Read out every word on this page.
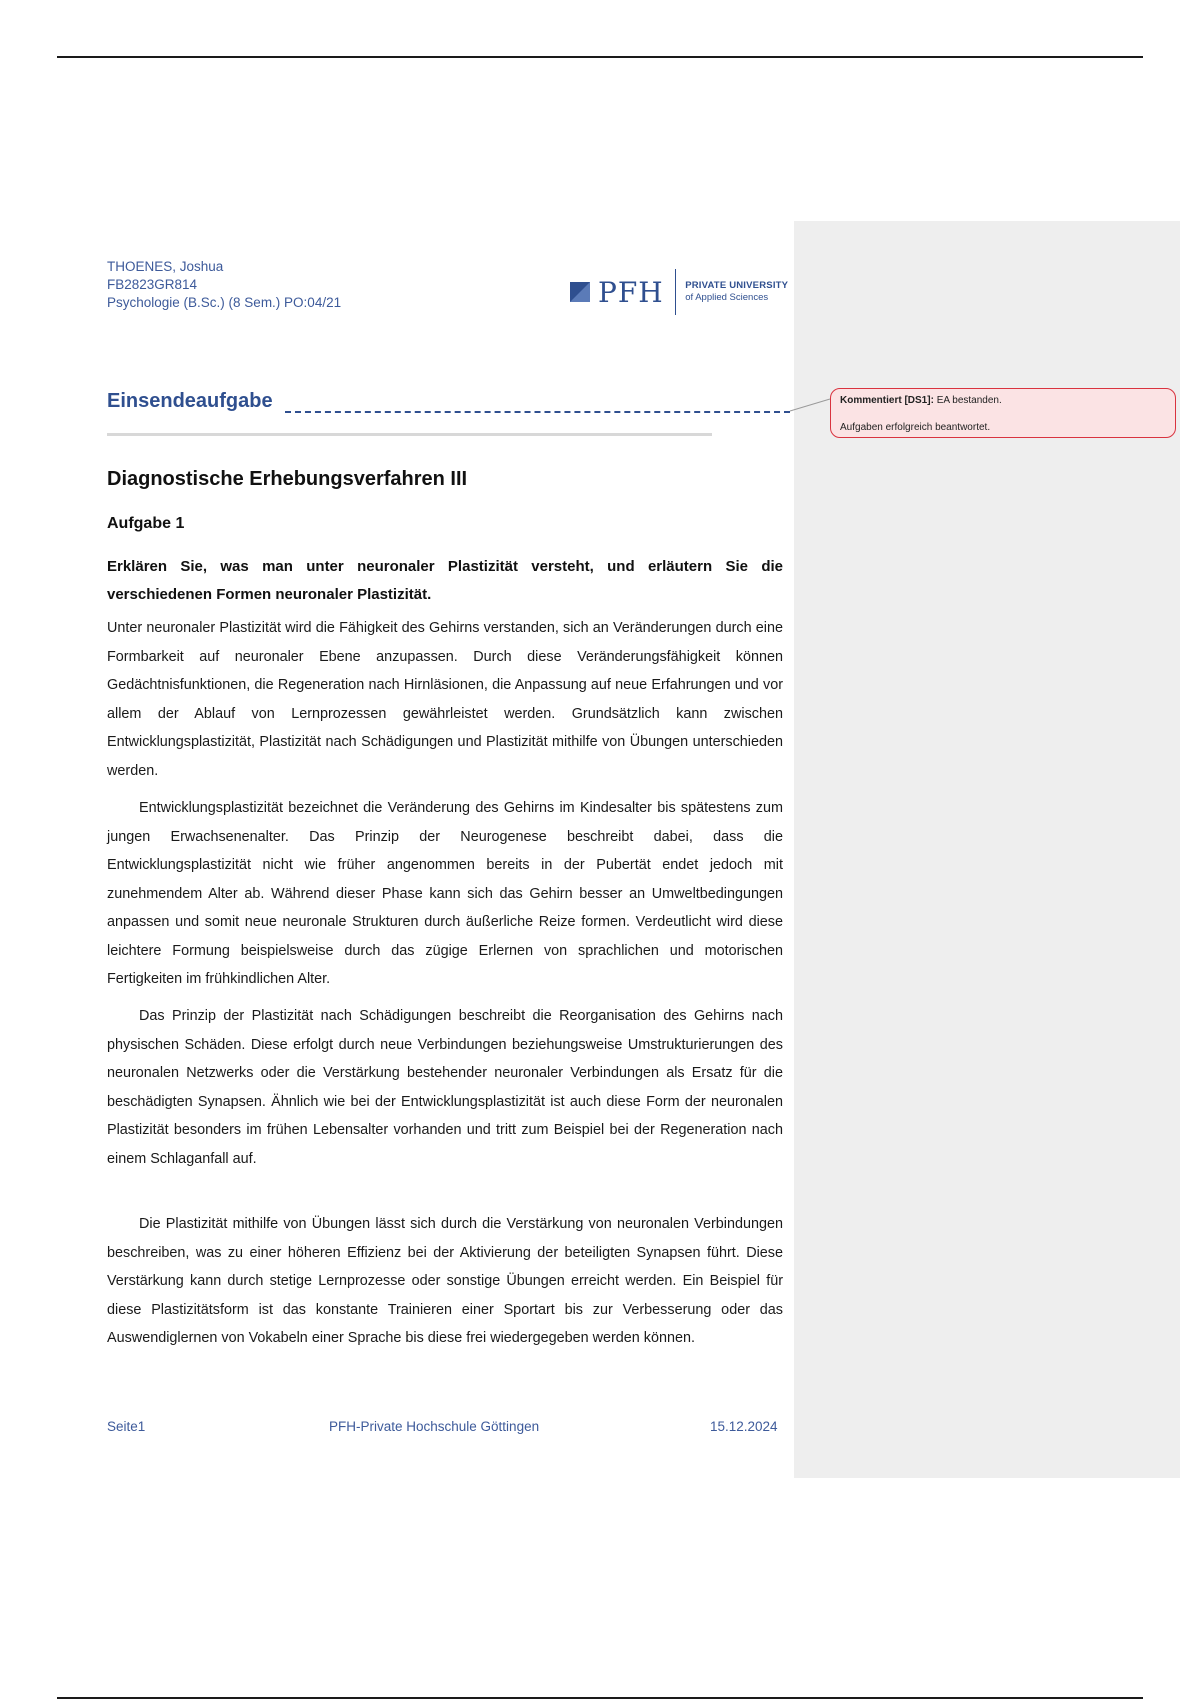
Kommentiert [DS1]: EA bestanden.
Aufgaben erfolgreich beantwortet.
THOENES, Joshua
FB2823GR814
Psychologie (B.Sc.) (8 Sem.) PO:04/21	PFH PRIVATE UNIVERSITY
of Applied Sciences
Einsendeaufgabe
Diagnostische Erhebungsverfahren III
Aufgabe 1
Erklären Sie, was man unter neuronaler Plastizität versteht, und erläutern Sie die verschiedenen Formen neuronaler Plastizität.
Unter neuronaler Plastizität wird die Fähigkeit des Gehirns verstanden, sich an Veränderungen durch eine Formbarkeit auf neuronaler Ebene anzupassen. Durch diese Veränderungsfähigkeit können Gedächtnisfunktionen, die Regeneration nach Hirnläsionen, die Anpassung auf neue Erfahrungen und vor allem der Ablauf von Lernprozessen gewährleistet werden. Grundsätzlich kann zwischen Entwicklungsplastizität, Plastizität nach Schädigungen und Plastizität mithilfe von Übungen unterschieden werden.
Entwicklungsplastizität bezeichnet die Veränderung des Gehirns im Kindesalter bis spätestens zum jungen Erwachsenenalter. Das Prinzip der Neurogenese beschreibt dabei, dass die Entwicklungsplastizität nicht wie früher angenommen bereits in der Pubertät endet jedoch mit zunehmendem Alter ab. Während dieser Phase kann sich das Gehirn besser an Umweltbedingungen anpassen und somit neue neuronale Strukturen durch äußerliche Reize formen. Verdeutlicht wird diese leichtere Formung beispielsweise durch das zügige Erlernen von sprachlichen und motorischen Fertigkeiten im frühkindlichen Alter.
Das Prinzip der Plastizität nach Schädigungen beschreibt die Reorganisation des Gehirns nach physischen Schäden. Diese erfolgt durch neue Verbindungen beziehungsweise Umstrukturierungen des neuronalen Netzwerks oder die Verstärkung bestehender neuronaler Verbindungen als Ersatz für die beschädigten Synapsen. Ähnlich wie bei der Entwicklungsplastizität ist auch diese Form der neuronalen Plastizität besonders im frühen Lebensalter vorhanden und tritt zum Beispiel bei der Regeneration nach einem Schlaganfall auf.
Die Plastizität mithilfe von Übungen lässt sich durch die Verstärkung von neuronalen Verbindungen beschreiben, was zu einer höheren Effizienz bei der Aktivierung der beteiligten Synapsen führt. Diese Verstärkung kann durch stetige Lernprozesse oder sonstige Übungen erreicht werden. Ein Beispiel für diese Plastizitätsform ist das konstante Trainieren einer Sportart bis zur Verbesserung oder das Auswendiglernen von Vokabeln einer Sprache bis diese frei wiedergegeben werden können.
Seite1	PFH-Private Hochschule Göttingen	15.12.2024
